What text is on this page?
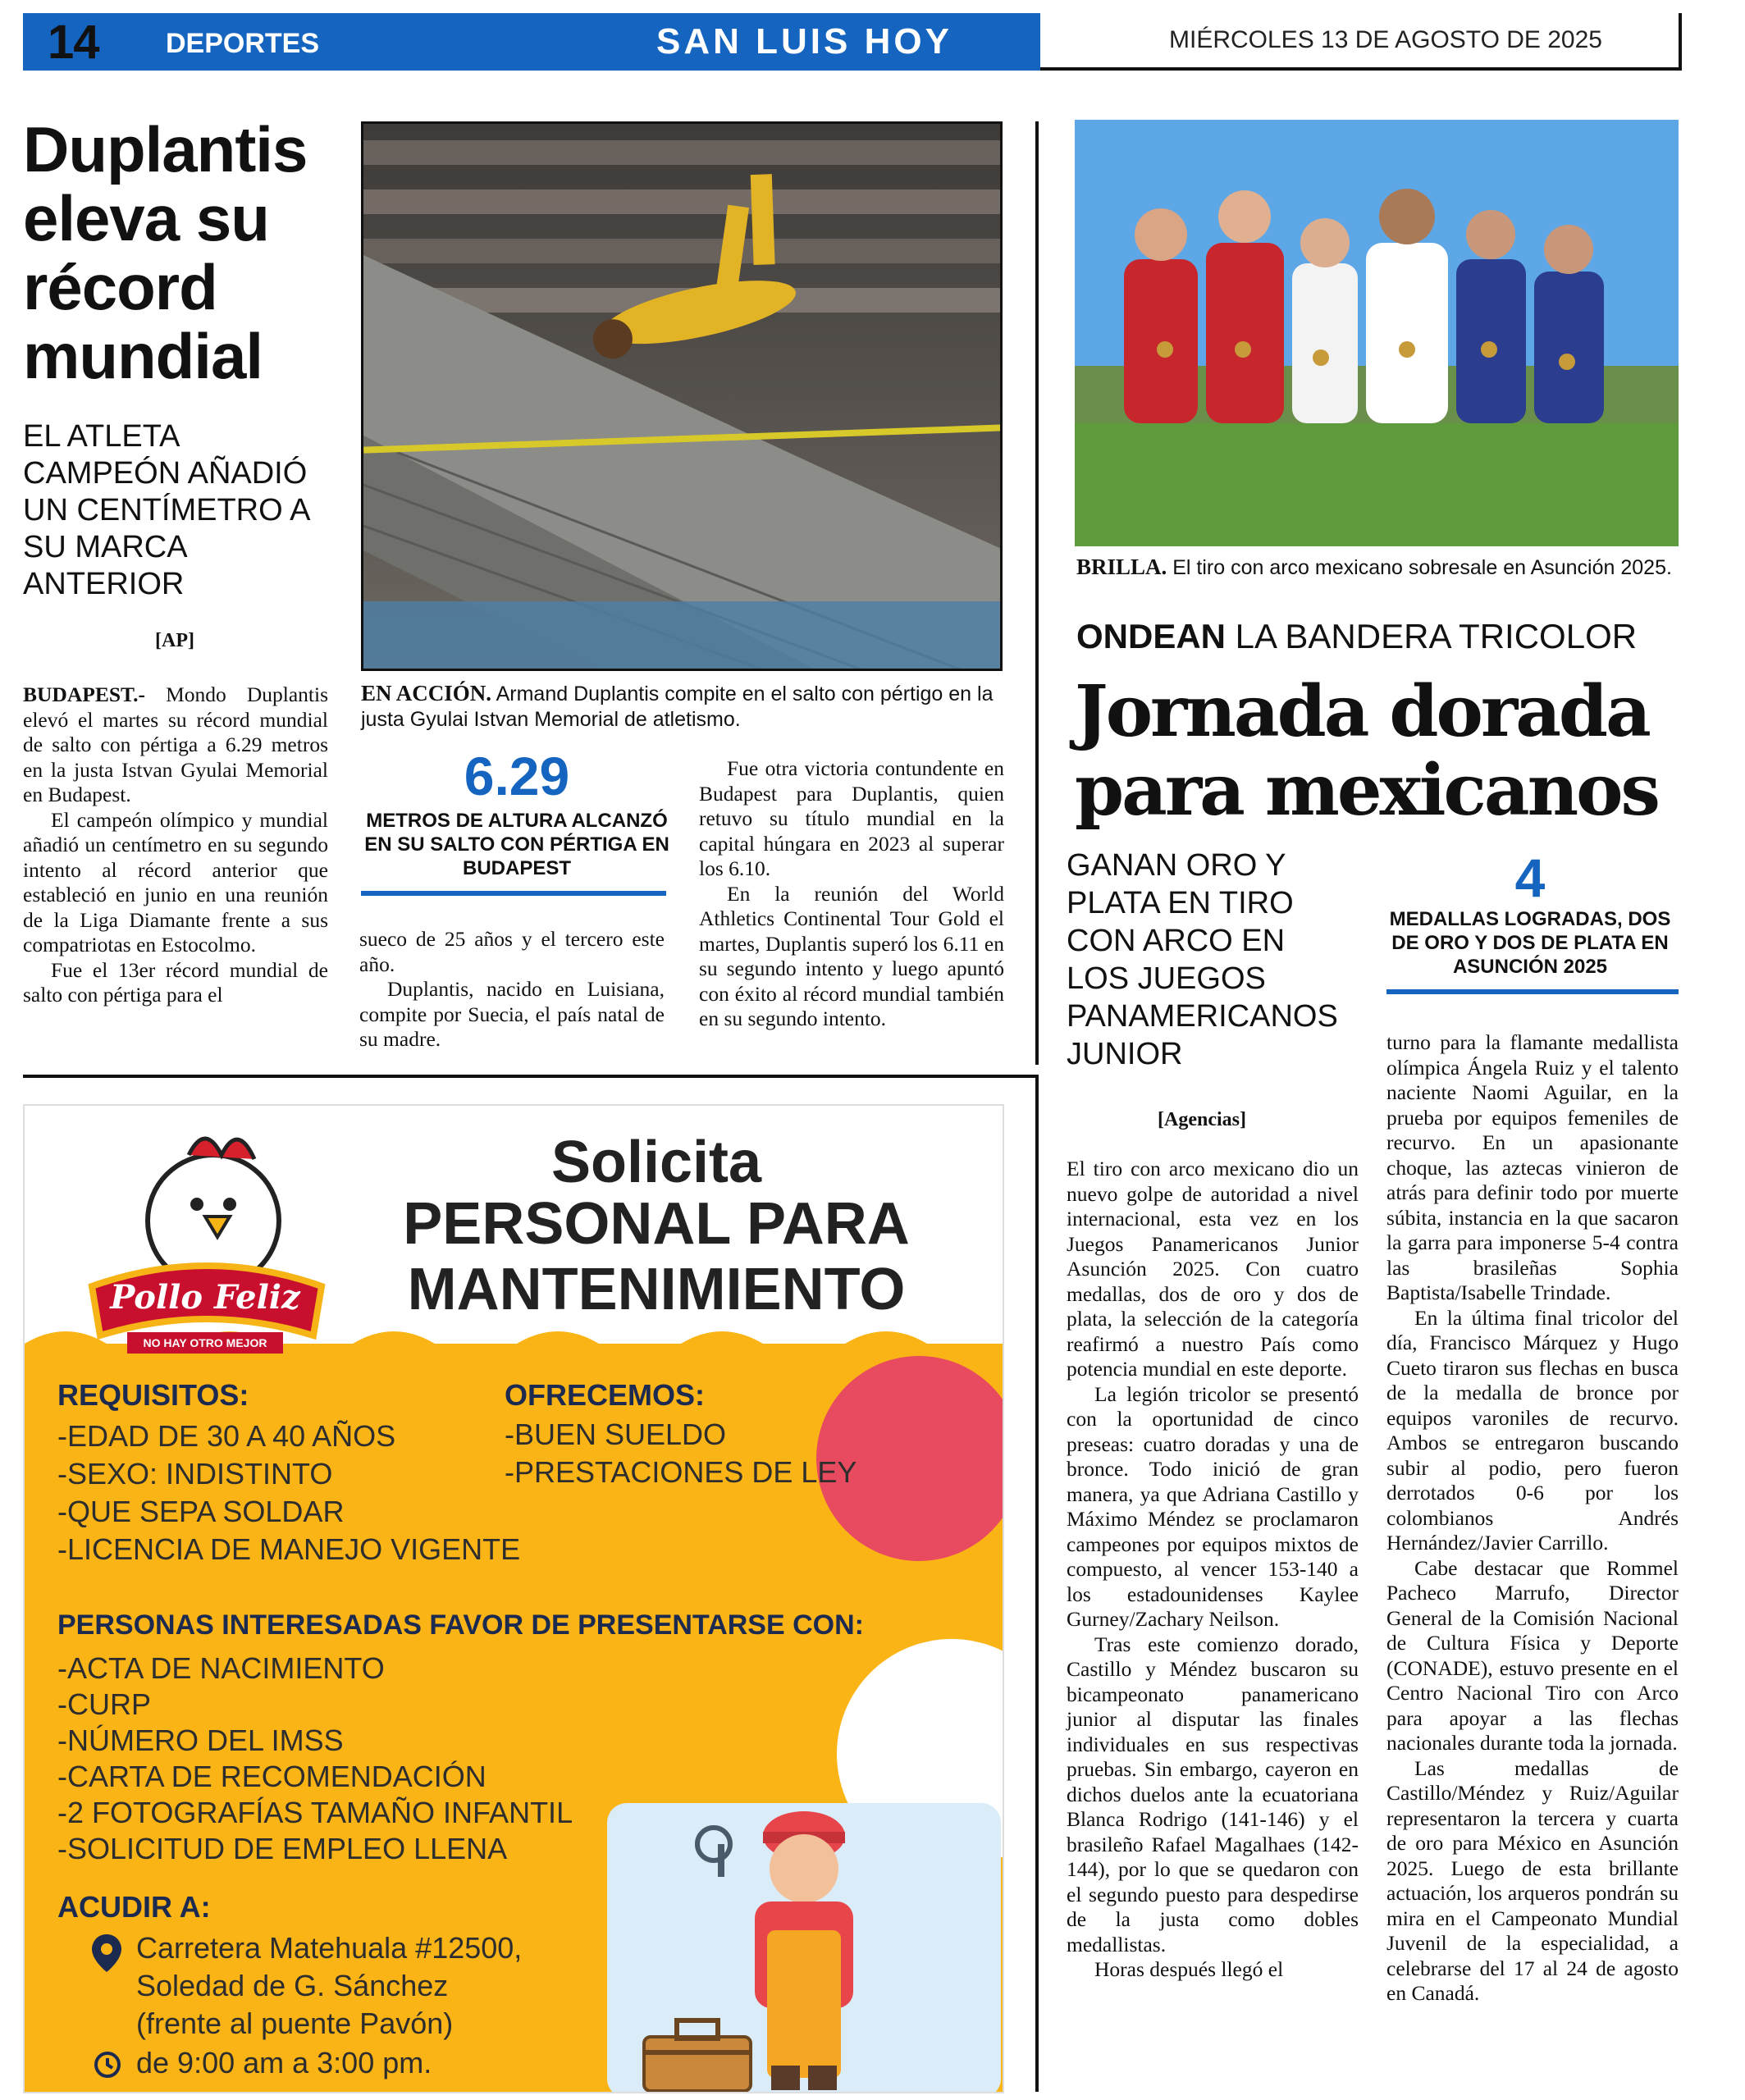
14 DEPORTES	SAN LUIS HOY	MIÉRCOLES 13 DE AGOSTO DE 2025
Duplantis eleva su récord mundial
EL ATLETA CAMPEÓN AÑADIÓ UN CENTÍMETRO A SU MARCA ANTERIOR
[AP]

BUDAPEST.- Mondo Duplantis elevó el martes su récord mundial de salto con pértiga a 6.29 metros en la justa Istvan Gyulai Memorial en Budapest.

El campeón olímpico y mundial añadió un centímetro en su segundo intento al récord anterior que estableció en junio en una reunión de la Liga Diamante frente a sus compatriotas en Estocolmo.

Fue el 13er récord mundial de salto con pértiga para el

EN ACCIÓN. Armand Duplantis compite en el salto con pértigo en la justa Gyulai Istvan Memorial de atletismo.
6.29
METROS DE ALTURA ALCANZÓ EN SU SALTO CON PÉRTIGA EN BUDAPEST

sueco de 25 años y el tercero este año.

Duplantis, nacido en Luisiana, compite por Suecia, el país natal de su madre.

Fue otra victoria contundente en Budapest para Duplantis, quien retuvo su título mundial en la capital húngara en 2023 al superar los 6.10.

En la reunión del World Athletics Continental Tour Gold el martes, Duplantis superó los 6.11 en su segundo intento y luego apuntó con éxito al récord mundial también en su segundo intento.

BRILLA. El tiro con arco mexicano sobresale en Asunción 2025.
ONDEAN LA BANDERA TRICOLOR
Jornada dorada para mexicanos
GANAN ORO Y PLATA EN TIRO CON ARCO EN LOS JUEGOS PANAMERICANOS JUNIOR
4
MEDALLAS LOGRADAS, DOS DE ORO Y DOS DE PLATA EN ASUNCIÓN 2025
[Agencias]

El tiro con arco mexicano dio un nuevo golpe de autoridad a nivel internacional, esta vez en los Juegos Panamericanos Junior Asunción 2025. Con cuatro medallas, dos de oro y dos de plata, la selección de la categoría reafirmó a nuestro País como potencia mundial en este deporte.

La legión tricolor se presentó con la oportunidad de cinco preseas: cuatro doradas y una de bronce. Todo inició de gran manera, ya que Adriana Castillo y Máximo Méndez se proclamaron campeones por equipos mixtos de compuesto, al vencer 153-140 a los estadounidenses Kaylee Gurney/Zachary Neilson.

Tras este comienzo dorado, Castillo y Méndez buscaron su bicampeonato panamericano junior al disputar las finales individuales en sus respectivas pruebas. Sin embargo, cayeron en dichos duelos ante la ecuatoriana Blanca Rodrigo (141-146) y el brasileño Rafael Magalhaes (142-144), por lo que se quedaron con el segundo puesto para despedirse de la justa como dobles medallistas.

Horas después llegó el

turno para la flamante medallista olímpica Ángela Ruiz y el talento naciente Naomi Aguilar, en la prueba por equipos femeniles de recurvo. En un apasionante choque, las aztecas vinieron de atrás para definir todo por muerte súbita, instancia en la que sacaron la garra para imponerse 5-4 contra las brasileñas Sophia Baptista/Isabelle Trindade.

En la última final tricolor del día, Francisco Márquez y Hugo Cueto tiraron sus flechas en busca de la medalla de bronce por equipos varoniles de recurvo. Ambos se entregaron buscando subir al podio, pero fueron derrotados 0-6 por los colombianos Andrés Hernández/Javier Carrillo.

Cabe destacar que Rommel Pacheco Marrufo, Director General de la Comisión Nacional de Cultura Física y Deporte (CONADE), estuvo presente en el Centro Nacional Tiro con Arco para apoyar a las flechas nacionales durante toda la jornada.

Las medallas de Castillo/Méndez y Ruiz/Aguilar representaron la tercera y cuarta de oro para México en Asunción 2025. Luego de esta brillante actuación, los arqueros pondrán su mira en el Campeonato Mundial Juvenil de la especialidad, a celebrarse del 17 al 24 de agosto en Canadá.

Pollo Feliz
NO HAY OTRO MEJOR
Solicita
PERSONAL PARA
MANTENIMIENTO
REQUISITOS:
-EDAD DE 30 A 40 AÑOS
-SEXO: INDISTINTO
-QUE SEPA SOLDAR
-LICENCIA DE MANEJO VIGENTE
OFRECEMOS:
-BUEN SUELDO
-PRESTACIONES DE LEY
PERSONAS INTERESADAS FAVOR DE PRESENTARSE CON:
-ACTA DE NACIMIENTO
-CURP
-NÚMERO DEL IMSS
-CARTA DE RECOMENDACIÓN
-2 FOTOGRAFÍAS TAMAÑO INFANTIL
-SOLICITUD DE EMPLEO LLENA
ACUDIR A:
Carretera Matehuala #12500,
Soledad de G. Sánchez
(frente al puente Pavón)
de 9:00 am a 3:00 pm.
